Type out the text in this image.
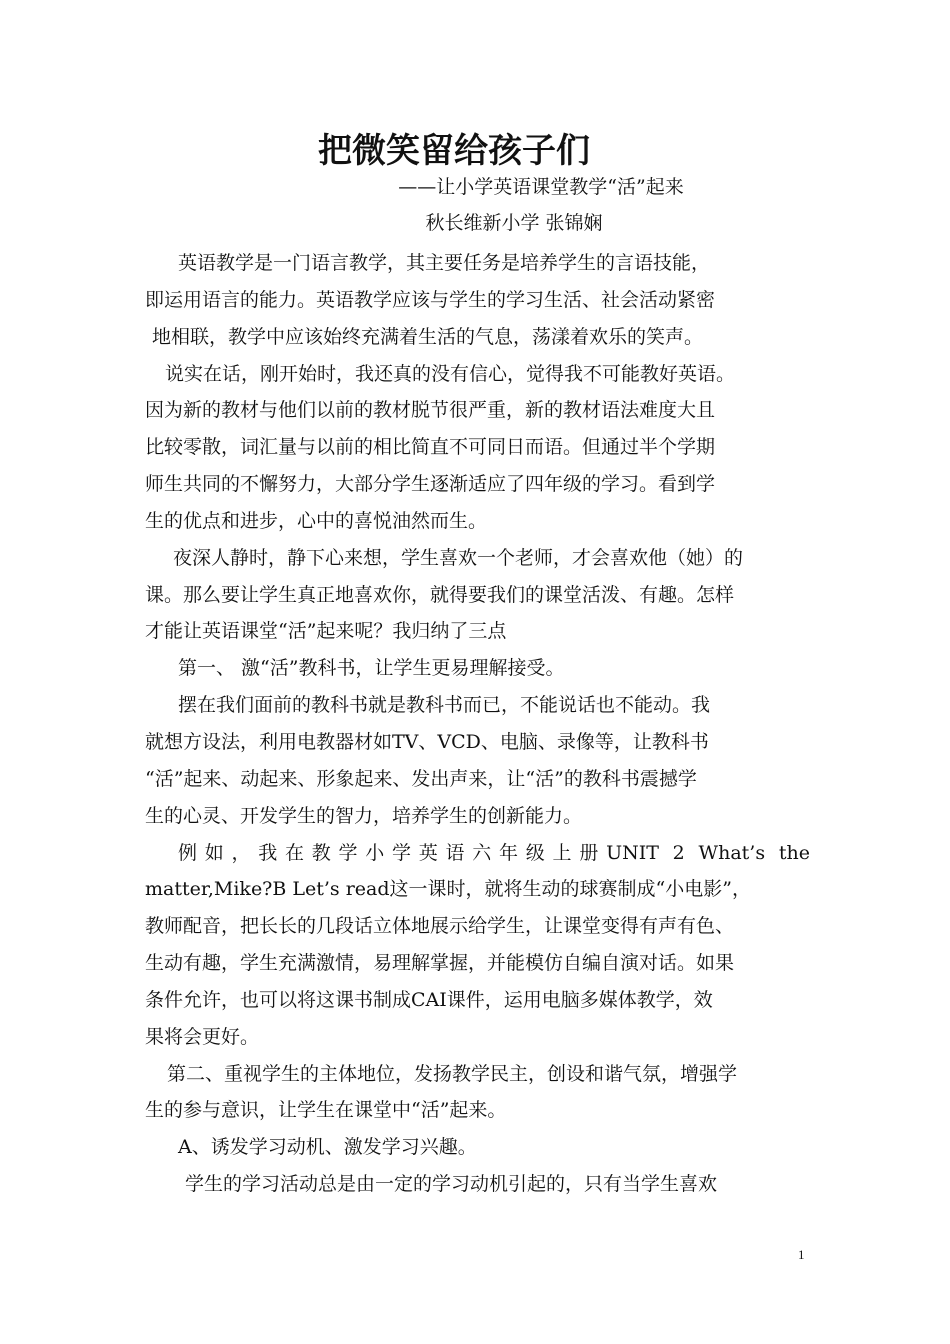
把微笑留给孩子们
——让小学英语课堂教学“活”起来
秋长维新小学 张锦娴
英语教学是一门语言教学，其主要任务是培养学生的言语技能，
即运用语言的能力。英语教学应该与学生的学习生活、社会活动紧密
地相联，教学中应该始终充满着生活的气息，荡漾着欢乐的笑声。
说实在话，刚开始时，我还真的没有信心，觉得我不可能教好英语。
因为新的教材与他们以前的教材脱节很严重，新的教材语法难度大且
比较零散，词汇量与以前的相比简直不可同日而语。但通过半个学期
师生共同的不懈努力，大部分学生逐渐适应了四年级的学习。看到学
生的优点和进步，心中的喜悦油然而生。
夜深人静时，静下心来想，学生喜欢一个老师，才会喜欢他（她）的
课。那么要让学生真正地喜欢你，就得要我们的课堂活泼、有趣。怎样
才能让英语课堂“活”起来呢？我归纳了三点
第一、 激“活”教科书，让学生更易理解接受。
摆在我们面前的教科书就是教科书而已，不能说话也不能动。我
就想方设法，利用电教器材如TV、VCD、电脑、录像等，让教科书
“活”起来、动起来、形象起来、发出声来，让“活”的教科书震撼学
生的心灵、开发学生的智力，培养学生的创新能力。
例如，我在教学小学英语六年级上册UNIT 2 What’s the
matter,Mike?B Let’s read这一课时，就将生动的球赛制成“小电影”，
教师配音，把长长的几段话立体地展示给学生，让课堂变得有声有色、
生动有趣，学生充满激情，易理解掌握，并能模仿自编自演对话。如果
条件允许，也可以将这课书制成CAI课件，运用电脑多媒体教学，效
果将会更好。
第二、重视学生的主体地位，发扬教学民主，创设和谐气氛，增强学
生的参与意识，让学生在课堂中“活”起来。
A、诱发学习动机、激发学习兴趣。
学生的学习活动总是由一定的学习动机引起的，只有当学生喜欢
1
